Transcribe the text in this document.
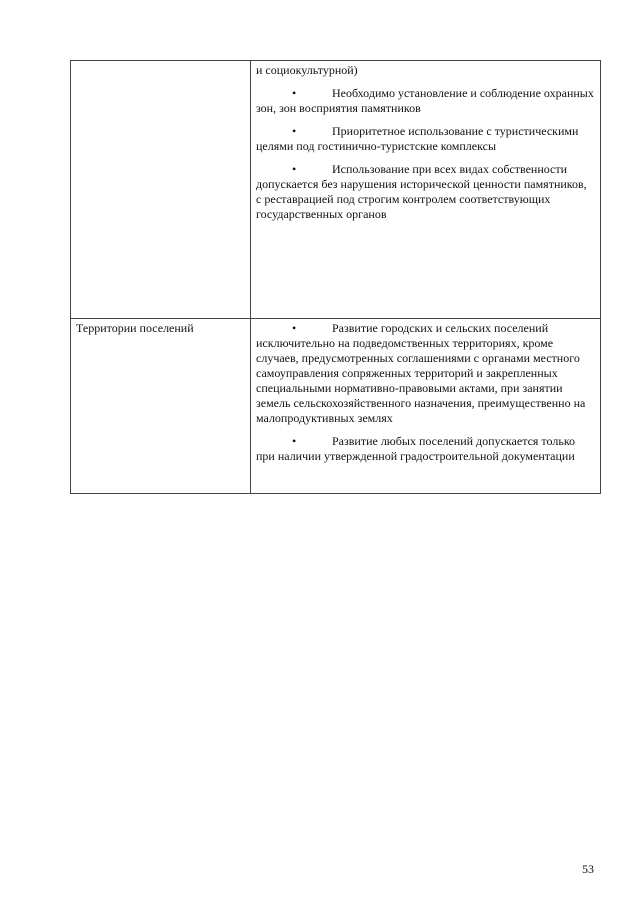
	и социокультурной)

• Необходимо установление и соблюдение охранных зон, зон восприятия памятников

• Приоритетное использование с туристическими целями под гостинично-туристские комплексы

• Использование при всех видах собственности допускается без нарушения исторической ценности памятников, с реставрацией под строгим контролем соответствующих государственных органов

Территории поселений	• Развитие городских и сельских поселений исключительно на подведомственных территориях, кроме случаев, предусмотренных соглашениями с органами местного самоуправления сопряженных территорий и закрепленных специальными нормативно-правовыми актами, при занятии земель сельскохозяйственного назначения, преимущественно на малопродуктивных землях

• Развитие любых поселений допускается только при наличии утвержденной градостроительной документации

53
